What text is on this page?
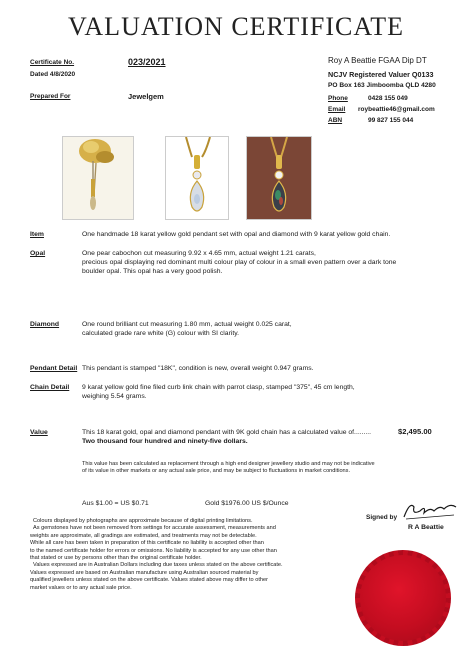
VALUATION CERTIFICATE
Certificate No.	023/2021
Dated 4/8/2020
Prepared For	Jewelgem
Roy A Beattie FGAA Dip DT
NCJV Registered Valuer Q0133
PO Box 163 Jimboomba QLD 4280
Phone	0428 155 049
Email roybeattie46@gmail.com
ABN	99 827 155 044
Item	One handmade 18 karat yellow gold pendant set with opal and diamond with 9 karat yellow gold chain.
Opal	One pear cabochon cut measuring 9.92 x 4.65 mm, actual weight 1.21 carats,
precious opal displaying red dominant multi colour play of colour in a small even pattern over a dark tone
boulder opal. This opal has a very good polish.
Diamond	One round brilliant cut measuring 1.80 mm, actual weight 0.025 carat,
calculated grade rare white (G) colour with SI clarity.
Pendant Detail This pendant is stamped "18K", condition is new, overall weight 0.947 grams.
Chain Detail 9 karat yellow gold fine filed curb link chain with parrot clasp, stamped "375", 45 cm length,
weighing 5.54 grams.
Value	This 18 karat gold, opal and diamond pendant with 9K gold chain has a calculated value of.........	$2,495.00
Two thousand four hundred and ninety-five dollars.
This value has been calculated as replacement through a high end designer jewellery studio and may not be indicative
of its value in other markets or any actual sale price, and may be subject to fluctuations in market conditions.
Aus $1.00 = US $0.71	Gold $1976.00 US $/Ounce
Colours displayed by photographs are approximate because of digital printing limitations.
As gemstones have not been removed from settings for accurate assessment, measurements and
weights are approximate, all gradings are estimated, and treatments may not be detectable.
While all care has been taken in preparation of this certificate no liability is accepted other than
to the named certificate holder for errors or omissions. No liability is accepted for any use other than
that stated or use by persons other than the original certificate holder.
Values expressed are in Australian Dollars including due taxes unless stated on the above certificate.
Values expressed are based on Australian manufacture using Australian sourced material by
qualified jewellers unless stated on the above certificate. Values stated above may differ to other
market values or to any actual sale price.
Signed by
R A Beattie
